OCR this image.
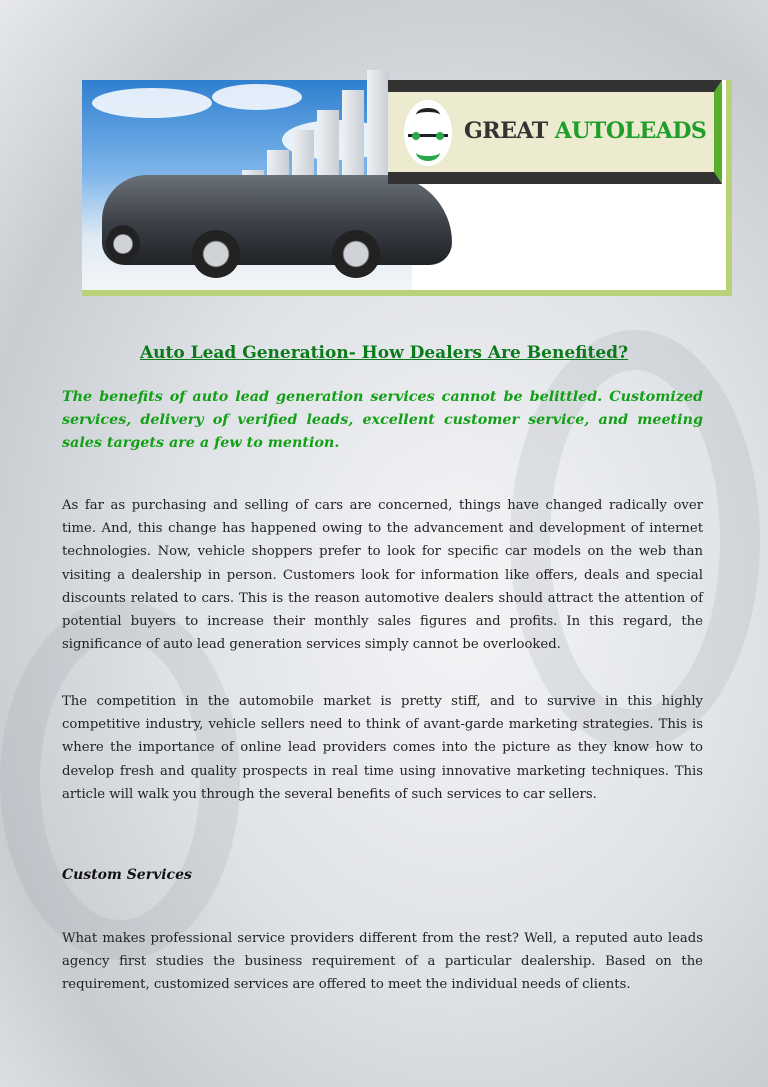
GREAT AUTOLEADS
Auto Lead Generation- How Dealers Are Benefited?
The benefits of auto lead generation services cannot be belittled. Customized services, delivery of verified leads, excellent customer service, and meeting sales targets are a few to mention.
As far as purchasing and selling of cars are concerned, things have changed radically over time. And, this change has happened owing to the advancement and development of internet technologies. Now, vehicle shoppers prefer to look for specific car models on the web than visiting a dealership in person. Customers look for information like offers, deals and special discounts related to cars. This is the reason automotive dealers should attract the attention of potential buyers to increase their monthly sales figures and profits. In this regard, the significance of auto lead generation services simply cannot be overlooked.
The competition in the automobile market is pretty stiff, and to survive in this highly competitive industry, vehicle sellers need to think of avant-garde marketing strategies. This is where the importance of online lead providers comes into the picture as they know how to develop fresh and quality prospects in real time using innovative marketing techniques. This article will walk you through the several benefits of such services to car sellers.
Custom Services
What makes professional service providers different from the rest? Well, a reputed auto leads agency first studies the business requirement of a particular dealership. Based on the requirement, customized services are offered to meet the individual needs of clients.
